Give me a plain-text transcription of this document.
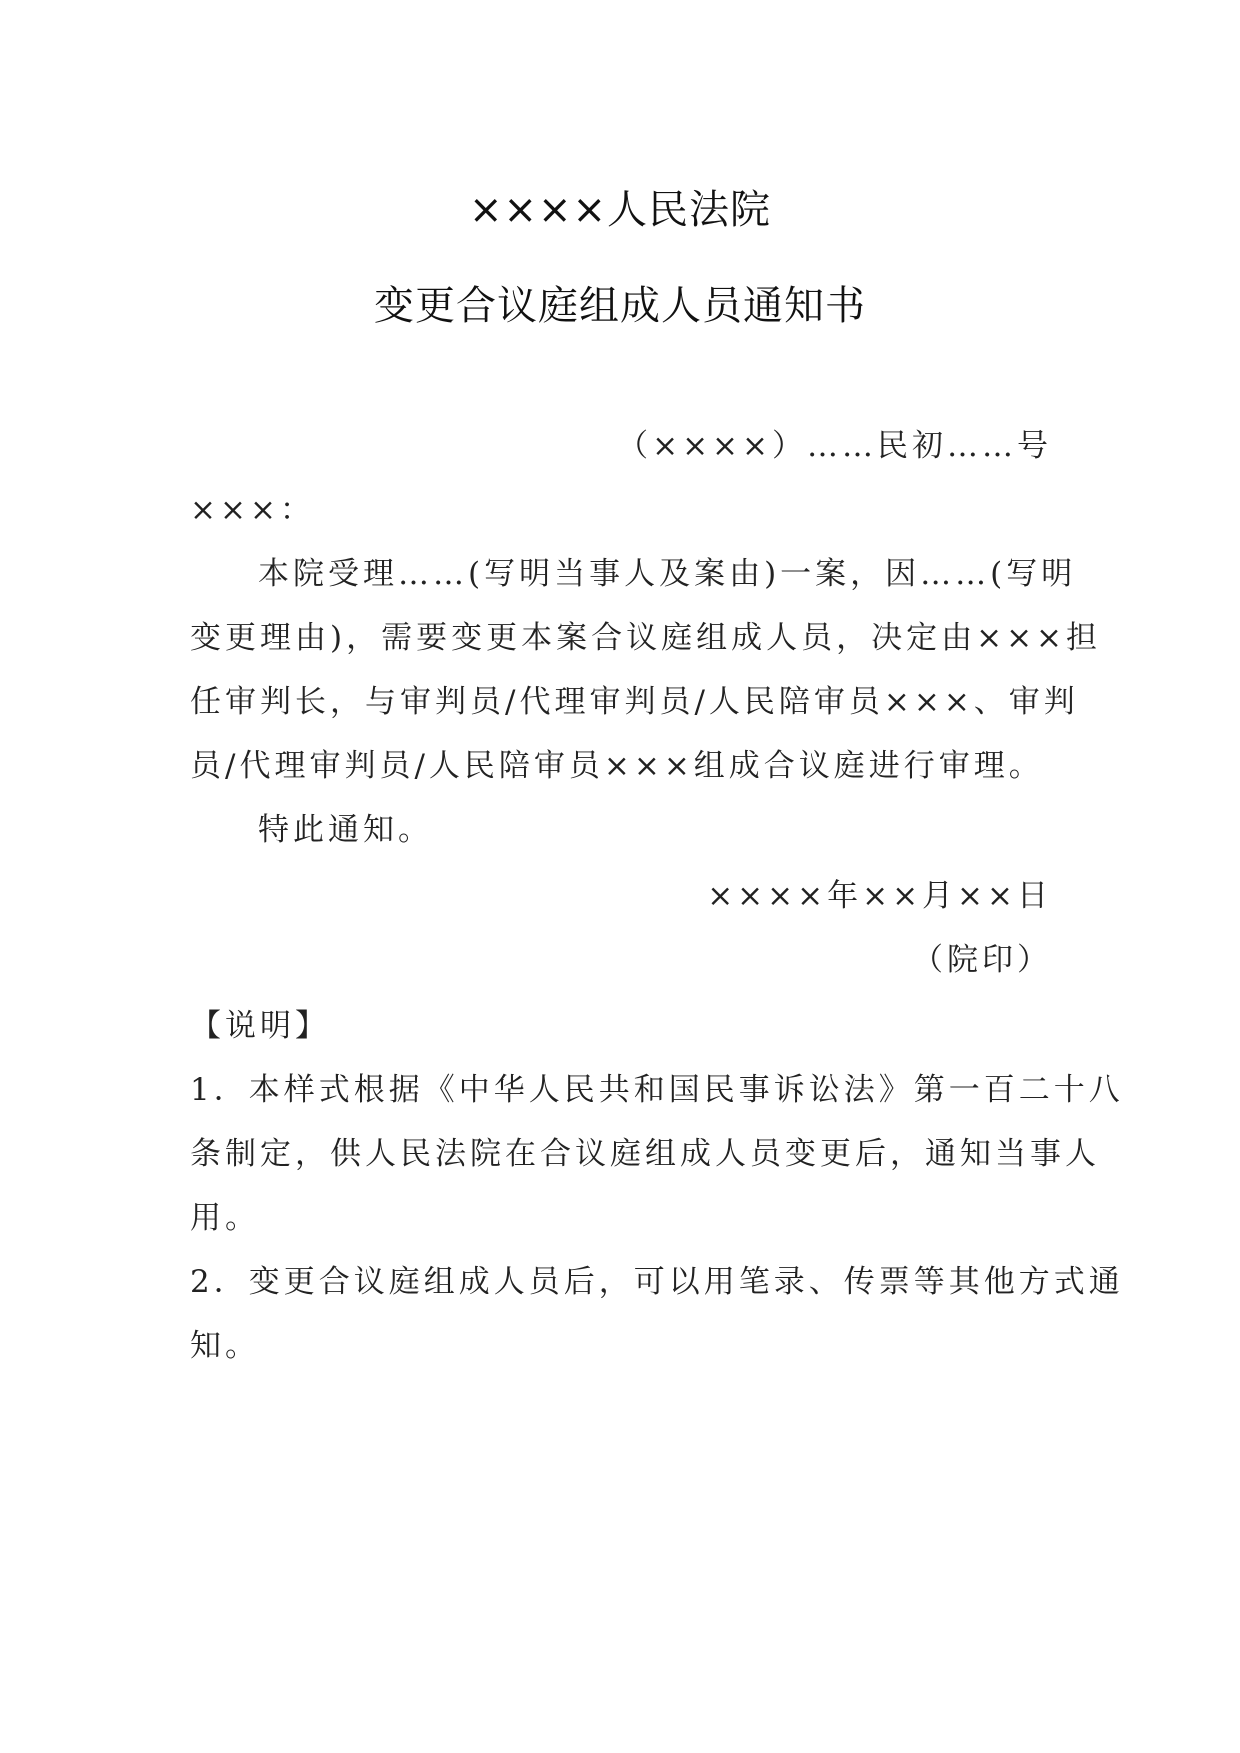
××××人民法院
变更合议庭组成人员通知书
（××××）……民初……号
×××：
本院受理……(写明当事人及案由)一案，因……(写明
变更理由)，需要变更本案合议庭组成人员，决定由×××担
任审判长，与审判员/代理审判员/人民陪审员×××、审判
员/代理审判员/人民陪审员×××组成合议庭进行审理。
特此通知。
××××年××月××日
（院印）
【说明】
1．本样式根据《中华人民共和国民事诉讼法》第一百二十八
条制定，供人民法院在合议庭组成人员变更后，通知当事人
用。
2．变更合议庭组成人员后，可以用笔录、传票等其他方式通
知。
